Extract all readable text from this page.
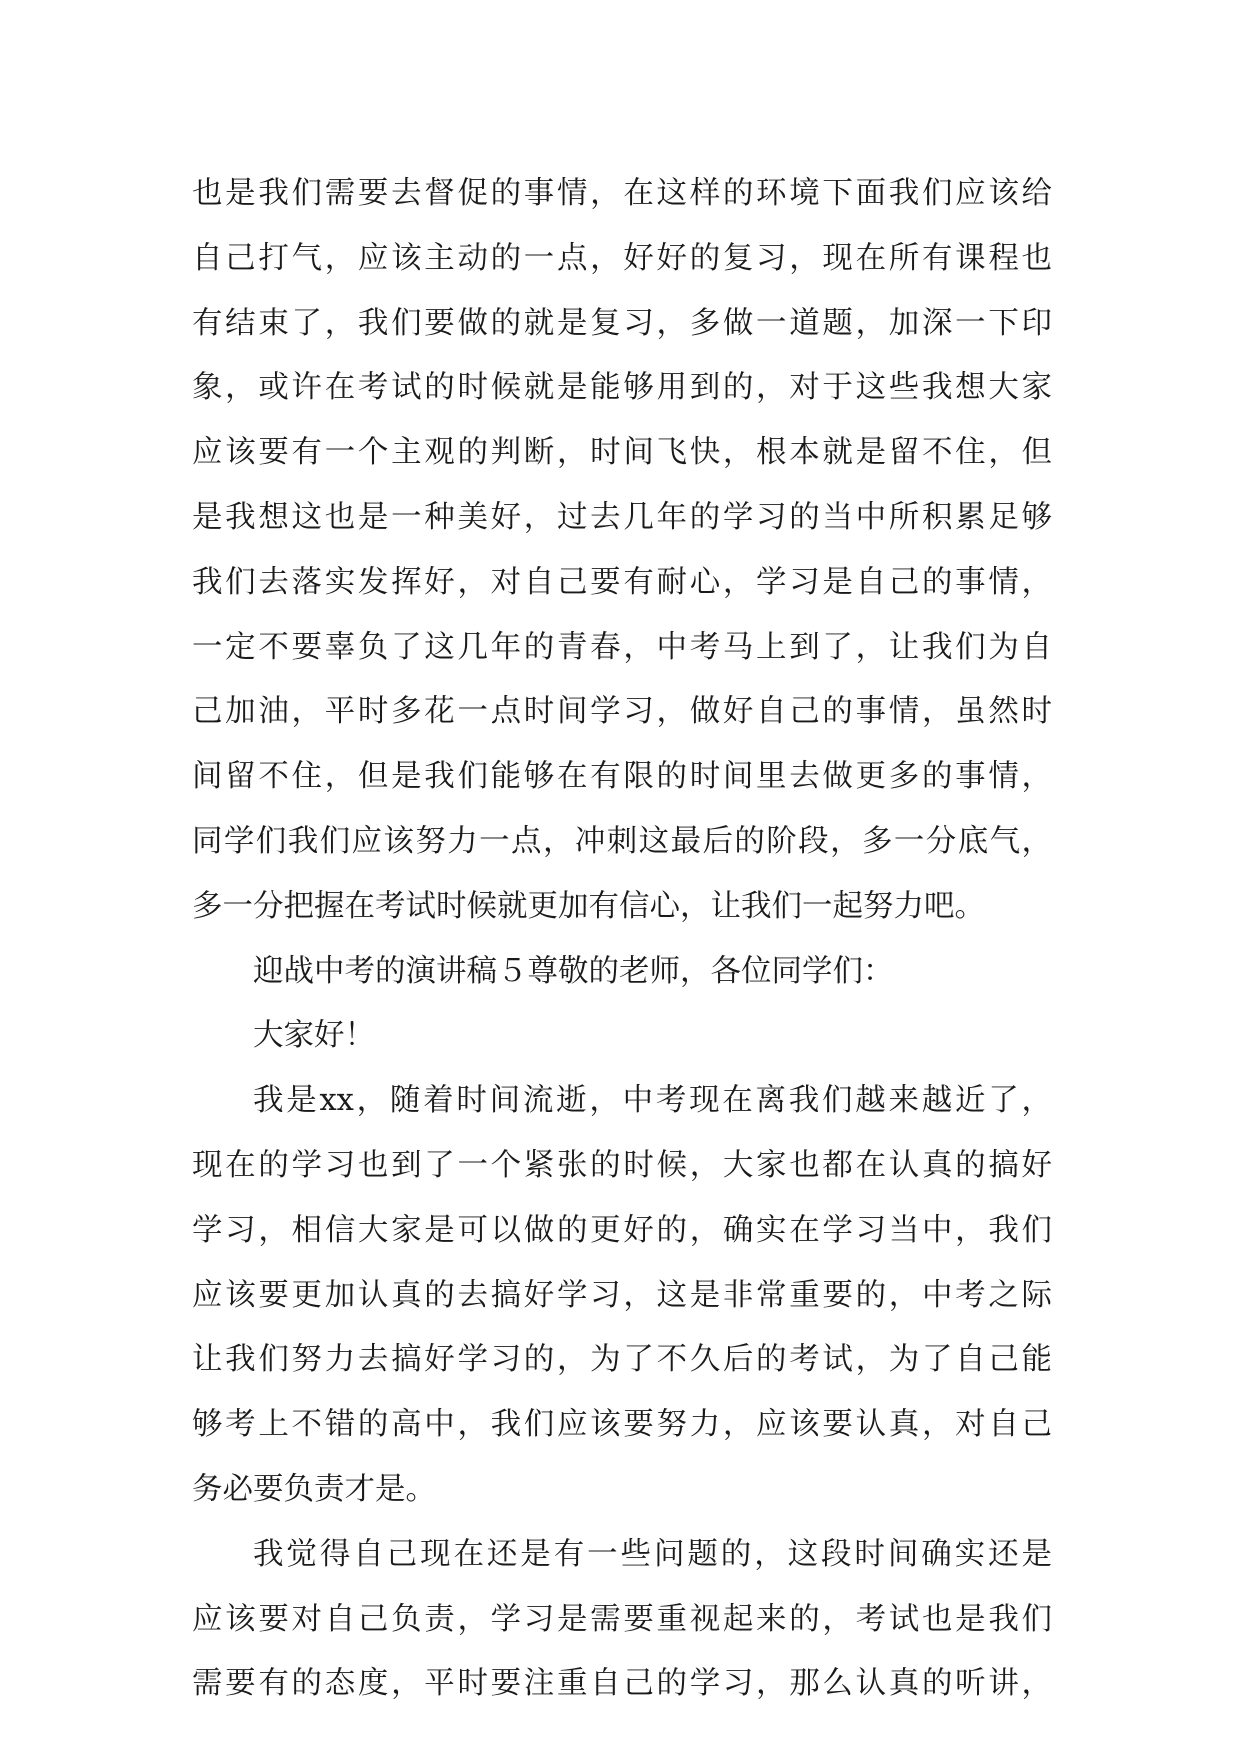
也是我们需要去督促的事情，在这样的环境下面我们应该给
自己打气，应该主动的一点，好好的复习，现在所有课程也
有结束了，我们要做的就是复习，多做一道题，加深一下印
象，或许在考试的时候就是能够用到的，对于这些我想大家
应该要有一个主观的判断，时间飞快，根本就是留不住，但
是我想这也是一种美好，过去几年的学习的当中所积累足够
我们去落实发挥好，对自己要有耐心，学习是自己的事情，
一定不要辜负了这几年的青春，中考马上到了，让我们为自
己加油，平时多花一点时间学习，做好自己的事情，虽然时
间留不住，但是我们能够在有限的时间里去做更多的事情，
同学们我们应该努力一点，冲刺这最后的阶段，多一分底气，
多一分把握在考试时候就更加有信心，让我们一起努力吧。
迎战中考的演讲稿５尊敬的老师，各位同学们：
大家好！
我是xx，随着时间流逝，中考现在离我们越来越近了，
现在的学习也到了一个紧张的时候，大家也都在认真的搞好
学习，相信大家是可以做的更好的，确实在学习当中，我们
应该要更加认真的去搞好学习，这是非常重要的，中考之际
让我们努力去搞好学习的，为了不久后的考试，为了自己能
够考上不错的高中，我们应该要努力，应该要认真，对自己
务必要负责才是。
我觉得自己现在还是有一些问题的，这段时间确实还是
应该要对自己负责，学习是需要重视起来的，考试也是我们
需要有的态度，平时要注重自己的学习，那么认真的听讲，
